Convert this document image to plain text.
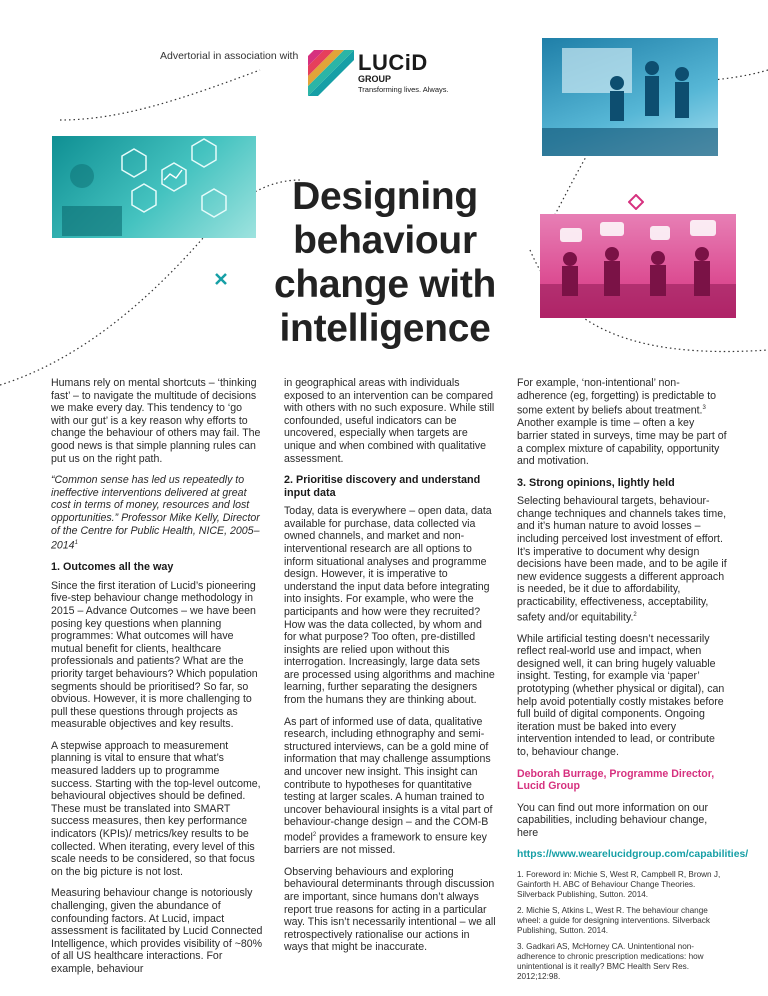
Advertorial in association with	LUCiD
GROUP
Transforming lives. Always.
Designing behaviour change with intelligence

Humans rely on mental shortcuts – ‘thinking fast’ – to navigate the multitude of decisions we make every day. This tendency to ‘go with our gut’ is a key reason why efforts to change the behaviour of others may fail. The good news is that simple planning rules can put us on the right path.

“Common sense has led us repeatedly to ineffective interventions delivered at great cost in terms of money, resources and lost opportunities.” Professor Mike Kelly, Director of the Centre for Public Health, NICE, 2005–2014$^1$

1. Outcomes all the way

Since the first iteration of Lucid’s pioneering five-step behaviour change methodology in 2015 – Advance Outcomes – we have been posing key questions when planning programmes: What outcomes will have mutual benefit for clients, healthcare professionals and patients? What are the priority target behaviours? Which population segments should be prioritised? So far, so obvious. However, it is more challenging to pull these questions through projects as measurable objectives and key results.

A stepwise approach to measurement planning is vital to ensure that what’s measured ladders up to programme success. Starting with the top-level outcome, behavioural objectives should be defined. These must be translated into SMART success measures, then key performance indicators (KPIs)/ metrics/key results to be collected. When iterating, every level of this scale needs to be considered, so that focus on the big picture is not lost.

Measuring behaviour change is notoriously challenging, given the abundance of confounding factors. At Lucid, impact assessment is facilitated by Lucid Connected Intelligence, which provides visibility of ~80% of all US healthcare interactions. For example, behaviour

in geographical areas with individuals exposed to an intervention can be compared with others with no such exposure. While still confounded, useful indicators can be uncovered, especially when targets are unique and when combined with qualitative assessment.

2. Prioritise discovery and understand input data

Today, data is everywhere – open data, data available for purchase, data collected via owned channels, and market and non-interventional research are all options to inform situational analyses and programme design. However, it is imperative to understand the input data before integrating into insights. For example, who were the participants and how were they recruited? How was the data collected, by whom and for what purpose? Too often, pre-distilled insights are relied upon without this interrogation. Increasingly, large data sets are processed using algorithms and machine learning, further separating the designers from the humans they are thinking about.

As part of informed use of data, qualitative research, including ethnography and semi-structured interviews, can be a gold mine of information that may challenge assumptions and uncover new insight. This insight can contribute to hypotheses for quantitative testing at larger scales. A human trained to uncover behavioural insights is a vital part of behaviour-change design – and the COM-B model$^2$ provides a framework to ensure key barriers are not missed.

Observing behaviours and exploring behavioural determinants through discussion are important, since humans don’t always report true reasons for acting in a particular way. This isn’t necessarily intentional – we all retrospectively rationalise our actions in ways that might be inaccurate.

For example, ‘non-intentional’ non-adherence (eg, forgetting) is predictable to some extent by beliefs about treatment.$^3$ Another example is time – often a key barrier stated in surveys, time may be part of a complex mixture of capability, opportunity and motivation.

3. Strong opinions, lightly held

Selecting behavioural targets, behaviour-change techniques and channels takes time, and it’s human nature to avoid losses – including perceived lost investment of effort. It’s imperative to document why design decisions have been made, and to be agile if new evidence suggests a different approach is needed, be it due to affordability, practicability, effectiveness, acceptability, safety and/or equitability.$^2$

While artificial testing doesn’t necessarily reflect real-world use and impact, when designed well, it can bring hugely valuable insight. Testing, for example via ‘paper’ prototyping (whether physical or digital), can help avoid potentially costly mistakes before full build of digital components. Ongoing iteration must be baked into every intervention intended to lead, or contribute to, behaviour change.

Deborah Burrage, Programme Director, Lucid Group

You can find out more information on our capabilities, including behaviour change, here

https://www.wearelucidgroup.com/capabilities/

1. Foreword in: Michie S, West R, Campbell R, Brown J, Gainforth H. ABC of Behaviour Change Theories. Silverback Publishing, Sutton. 2014.

2. Michie S, Atkins L, West R. The behaviour change wheel: a guide for designing interventions. Silverback Publishing, Sutton. 2014.

3. Gadkari AS, McHorney CA. Unintentional non-adherence to chronic prescription medications: how unintentional is it really? BMC Health Serv Res. 2012;12:98.
